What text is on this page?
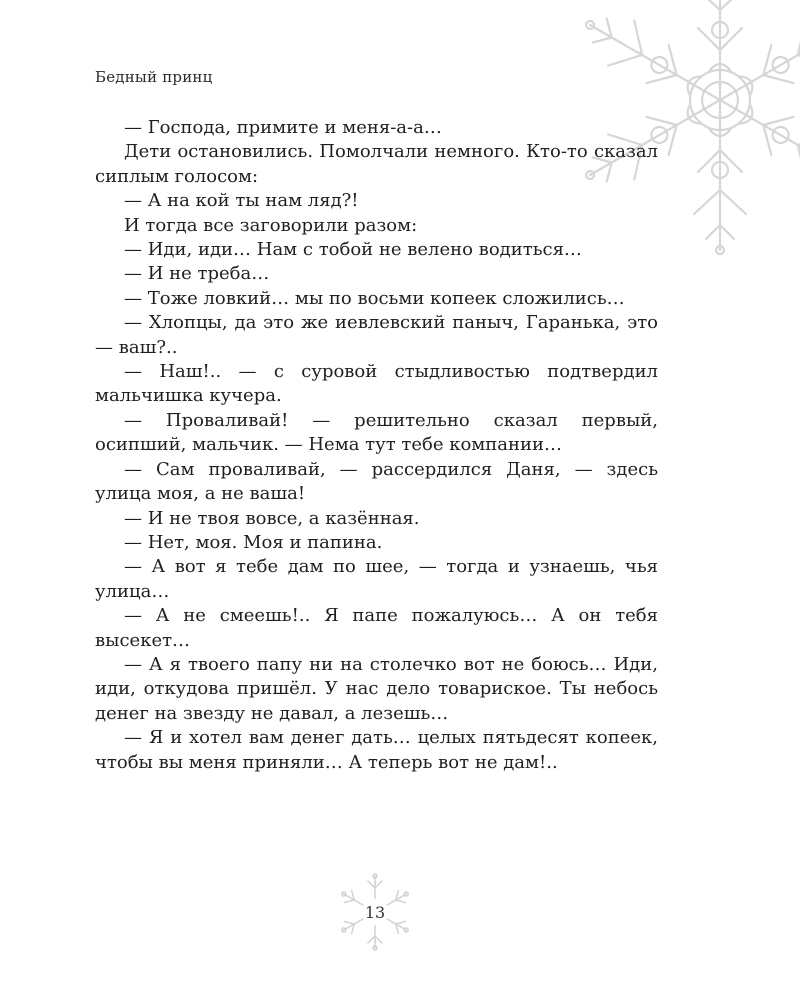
Бедный принц

— Господа, примите и меня-а-а…

Дети остановились. Помолчали немного. Кто-то сказал сиплым голосом:

— А на кой ты нам ляд?!

И тогда все заговорили разом:

— Иди, иди… Нам с тобой не велено водиться…

— И не треба…

— Тоже ловкий… мы по восьми копеек сложились…

— Хлопцы, да это же иевлевский паныч, Гаранька, это — ваш?..

— Наш!.. — с суровой стыдливостью подтвердил мальчишка кучера.

— Проваливай! — решительно сказал первый, осипший, мальчик. — Нема тут тебе компании…

— Сам проваливай, — рассердился Даня, — здесь улица моя, а не ваша!

— И не твоя вовсе, а казённая.

— Нет, моя. Моя и папина.

— А вот я тебе дам по шее, — тогда и узнаешь, чья улица…

— А не смеешь!.. Я папе пожалуюсь… А он тебя высекет…

— А я твоего папу ни на столечко вот не боюсь… Иди, иди, откудова пришёл. У нас дело товариское. Ты небось денег на звезду не давал, а лезешь…

— Я и хотел вам денег дать… целых пятьдесят копеек, чтобы вы меня приняли… А теперь вот не дам!..

13
